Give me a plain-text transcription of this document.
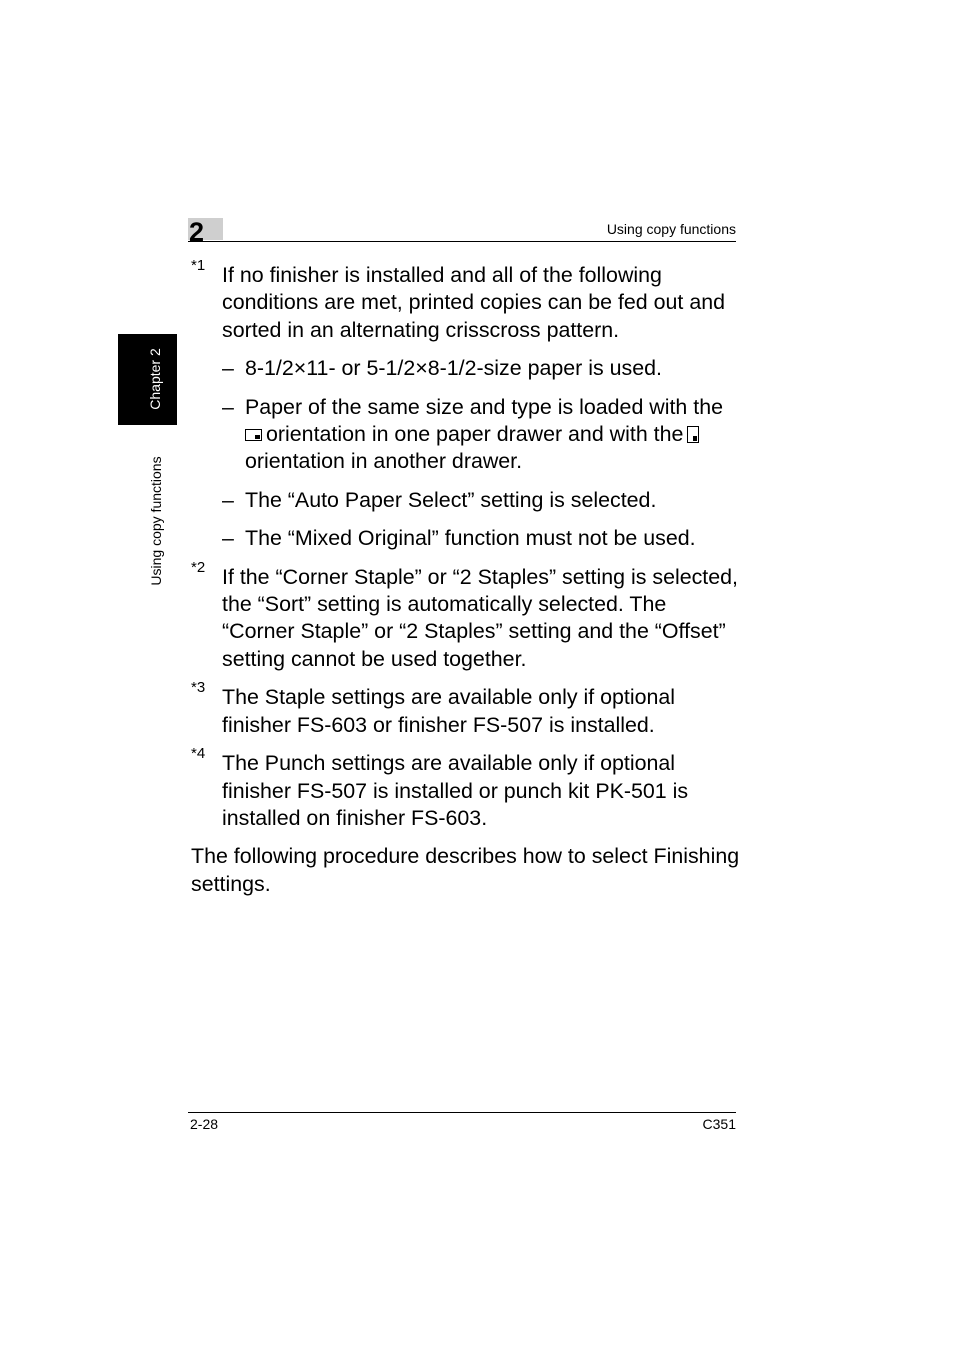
2	Using copy functions
Chapter 2
Using copy functions
*1 If no finisher is installed and all of the following conditions are met, printed copies can be fed out and sorted in an alternating crisscross pattern.

– 8-1/2×11- or 5-1/2×8-1/2-size paper is used.
– Paper of the same size and type is loaded with the orientation in one paper drawer and with the orientation in another drawer.
– The “Auto Paper Select” setting is selected.
– The “Mixed Original” function must not be used.
*2 If the “Corner Staple” or “2 Staples” setting is selected, the “Sort” setting is automatically selected. The “Corner Staple” or “2 Staples” setting and the “Offset” setting cannot be used together.

*3 The Staple settings are available only if optional finisher FS-603 or finisher FS-507 is installed.

*4 The Punch settings are available only if optional finisher FS-507 is installed or punch kit PK-501 is installed on finisher FS-603.

The following procedure describes how to select Finishing settings.

2-28	C351
